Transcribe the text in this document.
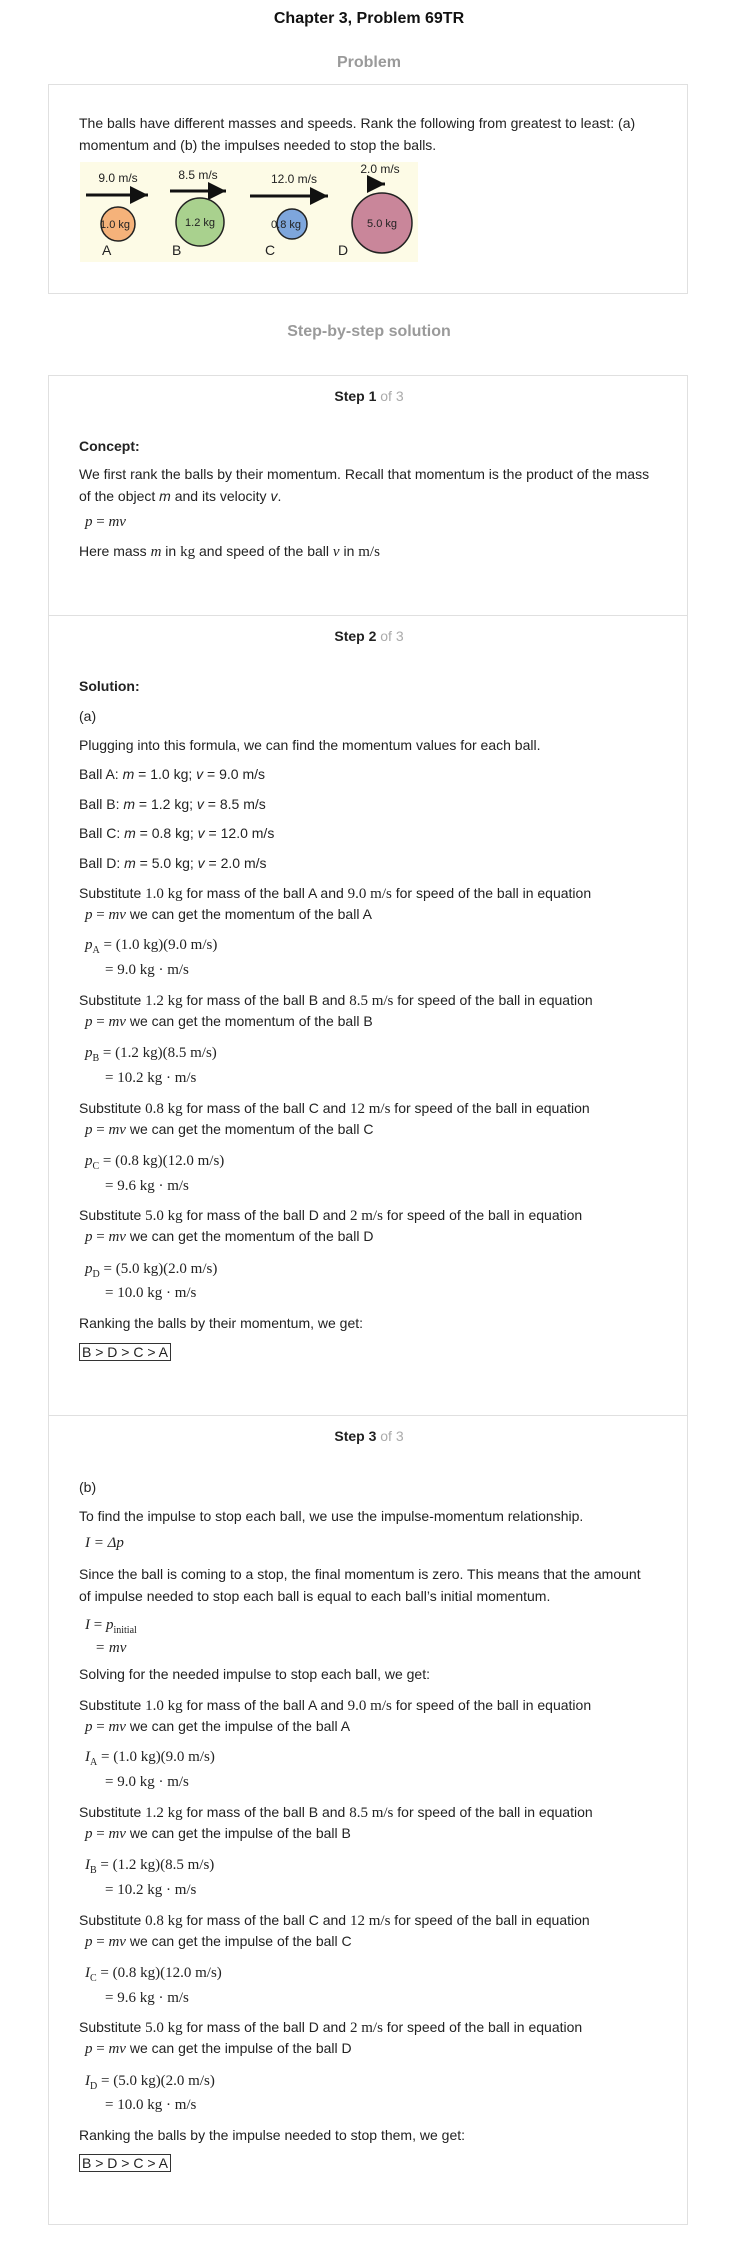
Chapter 3, Problem 69TR
Problem
The balls have different masses and speeds. Rank the following from greatest to least: (a)
momentum and (b) the impulses needed to stop the balls.
9.0 m/s
1.0 kg
A
8.5 m/s
1.2 kg
B
12.0 m/s
0.8 kg
C
2.0 m/s
5.0 kg
D
Step-by-step solution
Step 1 of 3
Concept:
We first rank the balls by their momentum. Recall that momentum is the product of the mass
of the object m and its velocity v.
p = mv
Here mass m in kg and speed of the ball v in m/s
Step 2 of 3
Solution:
(a)
Plugging into this formula, we can find the momentum values for each ball.
Ball A: m = 1.0 kg; v = 9.0 m/s
Ball B: m = 1.2 kg; v = 8.5 m/s
Ball C: m = 0.8 kg; v = 12.0 m/s
Ball D: m = 5.0 kg; v = 2.0 m/s
Substitute 1.0 kg for mass of the ball A and 9.0 m/s for speed of the ball in equation
p = mv we can get the momentum of the ball A
$p_A = (1.0$ kg)(9.0 m/s)
= 9.0 kg · m/s
Substitute 1.2 kg for mass of the ball B and 8.5 m/s for speed of the ball in equation
p = mv we can get the momentum of the ball B
$p_B = (1.2$ kg)(8.5 m/s)
= 10.2 kg · m/s
Substitute 0.8 kg for mass of the ball C and 12 m/s for speed of the ball in equation
p = mv we can get the momentum of the ball C
$p_C = (0.8$ kg)(12.0 m/s)
= 9.6 kg · m/s
Substitute 5.0 kg for mass of the ball D and 2 m/s for speed of the ball in equation
p = mv we can get the momentum of the ball D
$p_D = (5.0$ kg)(2.0 m/s)
= 10.0 kg · m/s
Ranking the balls by their momentum, we get:
B > D > C > A
Step 3 of 3
(b)
To find the impulse to stop each ball, we use the impulse-momentum relationship.
I = Δp
Since the ball is coming to a stop, the final momentum is zero. This means that the amount
of impulse needed to stop each ball is equal to each ball’s initial momentum.
$I = p_{initial}$
= mv
Solving for the needed impulse to stop each ball, we get:
Substitute 1.0 kg for mass of the ball A and 9.0 m/s for speed of the ball in equation
p = mv we can get the impulse of the ball A
$I_A = (1.0$ kg)(9.0 m/s)
= 9.0 kg · m/s
Substitute 1.2 kg for mass of the ball B and 8.5 m/s for speed of the ball in equation
p = mv we can get the impulse of the ball B
$I_B = (1.2$ kg)(8.5 m/s)
= 10.2 kg · m/s
Substitute 0.8 kg for mass of the ball C and 12 m/s for speed of the ball in equation
p = mv we can get the impulse of the ball C
$I_C = (0.8$ kg)(12.0 m/s)
= 9.6 kg · m/s
Substitute 5.0 kg for mass of the ball D and 2 m/s for speed of the ball in equation
p = mv we can get the impulse of the ball D
$I_D = (5.0$ kg)(2.0 m/s)
= 10.0 kg · m/s
Ranking the balls by the impulse needed to stop them, we get:
B > D > C > A
